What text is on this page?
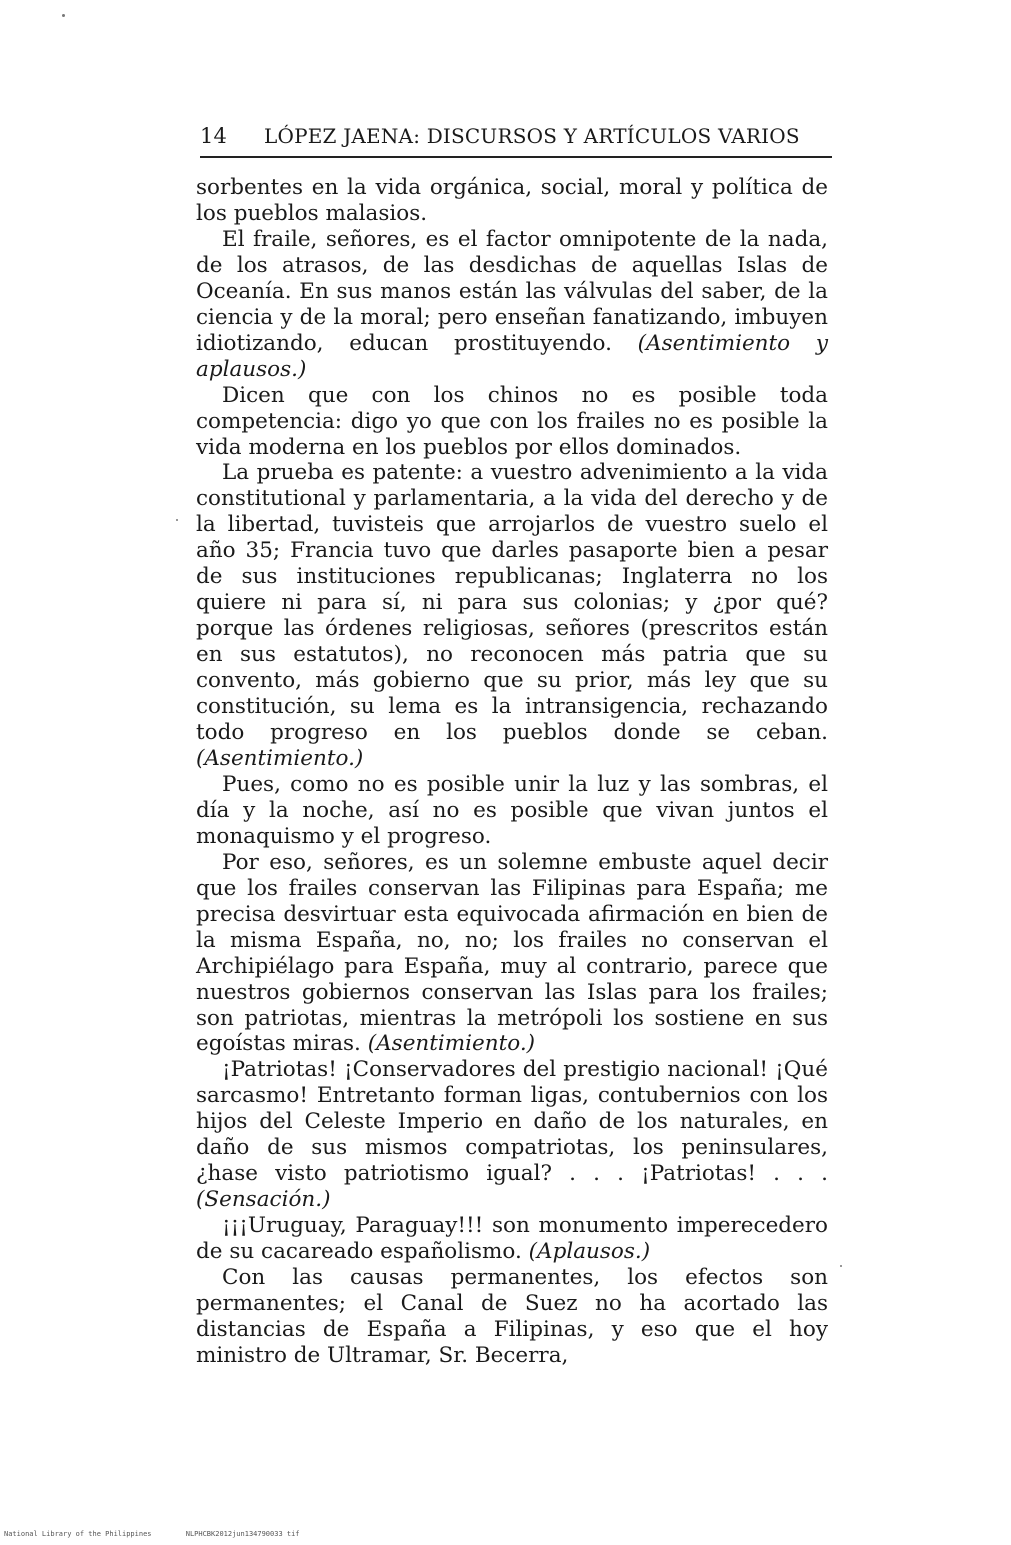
14 LÓPEZ JAENA: DISCURSOS Y ARTÍCULOS VARIOS

sorbentes en la vida orgánica, social, moral y política de los pueblos malasios.

El fraile, señores, es el factor omnipotente de la nada, de los atrasos, de las desdichas de aquellas Islas de Oceanía. En sus manos están las válvulas del saber, de la ciencia y de la moral; pero enseñan fanatizando, imbuyen idiotizando, educan prostituyendo. (Asentimiento y aplausos.)

Dicen que con los chinos no es posible toda competencia: digo yo que con los frailes no es posible la vida moderna en los pueblos por ellos dominados.

La prueba es patente: a vuestro advenimiento a la vida constitutional y parlamentaria, a la vida del derecho y de la libertad, tuvisteis que arrojarlos de vuestro suelo el año 35; Francia tuvo que darles pasaporte bien a pesar de sus instituciones republicanas; Inglaterra no los quiere ni para sí, ni para sus colonias; y ¿por qué? porque las órdenes religiosas, señores (prescritos están en sus estatutos), no reconocen más patria que su convento, más gobierno que su prior, más ley que su constitución, su lema es la intransigencia, rechazando todo progreso en los pueblos donde se ceban. (Asentimiento.)

Pues, como no es posible unir la luz y las sombras, el día y la noche, así no es posible que vivan juntos el monaquismo y el progreso.

Por eso, señores, es un solemne embuste aquel decir que los frailes conservan las Filipinas para España; me precisa desvirtuar esta equivocada afirmación en bien de la misma España, no, no; los frailes no conservan el Archipiélago para España, muy al contrario, parece que nuestros gobiernos conservan las Islas para los frailes; son patriotas, mientras la metrópoli los sostiene en sus egoístas miras. (Asentimiento.)

¡Patriotas! ¡Conservadores del prestigio nacional! ¡Qué sarcasmo! Entretanto forman ligas, contubernios con los hijos del Celeste Imperio en daño de los naturales, en daño de sus mismos compatriotas, los peninsulares, ¿hase visto patriotismo igual? . . . ¡Patriotas! . . . (Sensación.)

¡¡¡Uruguay, Paraguay!!! son monumento imperecedero de su cacareado españolismo. (Aplausos.)

Con las causas permanentes, los efectos son permanentes; el Canal de Suez no ha acortado las distancias de España a Filipinas, y eso que el hoy ministro de Ultramar, Sr. Becerra,

National Library of the Philippines	NLPHCBK2012jun134790033 tif
